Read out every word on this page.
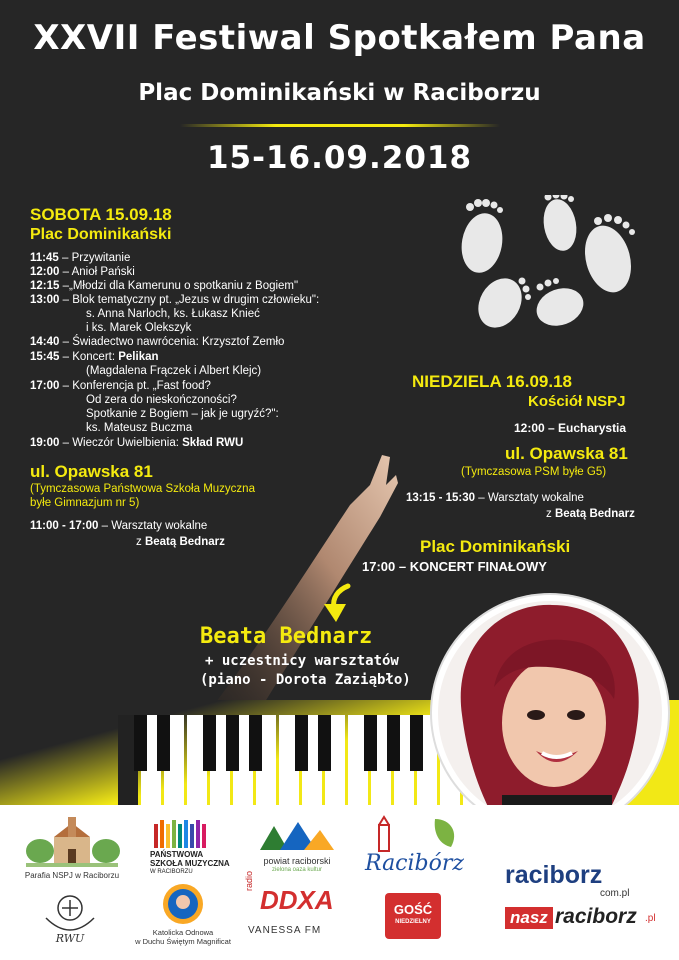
XXVII Festiwal Spotkałem Pana
Plac Dominikański w Raciborzu
15-16.09.2018
SOBOTA 15.09.18
Plac Dominikański
11:45 – Przywitanie
12:00 – Anioł Pański
12:15 –„Młodzi dla Kamerunu o spotkaniu z Bogiem"
13:00 – Blok tematyczny pt. „Jezus w drugim człowieku":
s. Anna Narloch, ks. Łukasz Knieć
i ks. Marek Olekszyk
14:40 – Świadectwo nawrócenia: Krzysztof Zemło
15:45 – Koncert: Pelikan
(Magdalena Frączek i Albert Klejc)
17:00 – Konferencja pt. „Fast food?
Od zera do nieskończoności?
Spotkanie z Bogiem – jak je ugryźć?":
ks. Mateusz Buczma
19:00 – Wieczór Uwielbienia: Skład RWU
ul. Opawska 81
(Tymczasowa Państwowa Szkoła Muzyczna
byłe Gimnazjum nr 5)
11:00 - 17:00 – Warsztaty wokalne
z Beatą Bednarz
NIEDZIELA 16.09.18
Kościół NSPJ
12:00 – Eucharystia
ul. Opawska 81
(Tymczasowa PSM byłe G5)
13:15 - 15:30 – Warsztaty wokalne
z Beatą Bednarz
Plac Dominikański
17:00 – KONCERT FINAŁOWY
Beata Bednarz
+ uczestnicy warsztatów
(piano - Dorota Zaziąbło)
Parafia NSPJ w Raciborzu
PAŃSTWOWA
SZKOŁA MUZYCZNA
W RACIBORZU
powiat raciborski
zielona oaza kultur	Racibórz raciborz
com.pl
RWU	Katolicka Odnowa
w Duchu Świętym Magnificat
radio
DDXA
VANESSA FM
GOŚĆ
NIEDZIELNY	nasz raciborz .pl
